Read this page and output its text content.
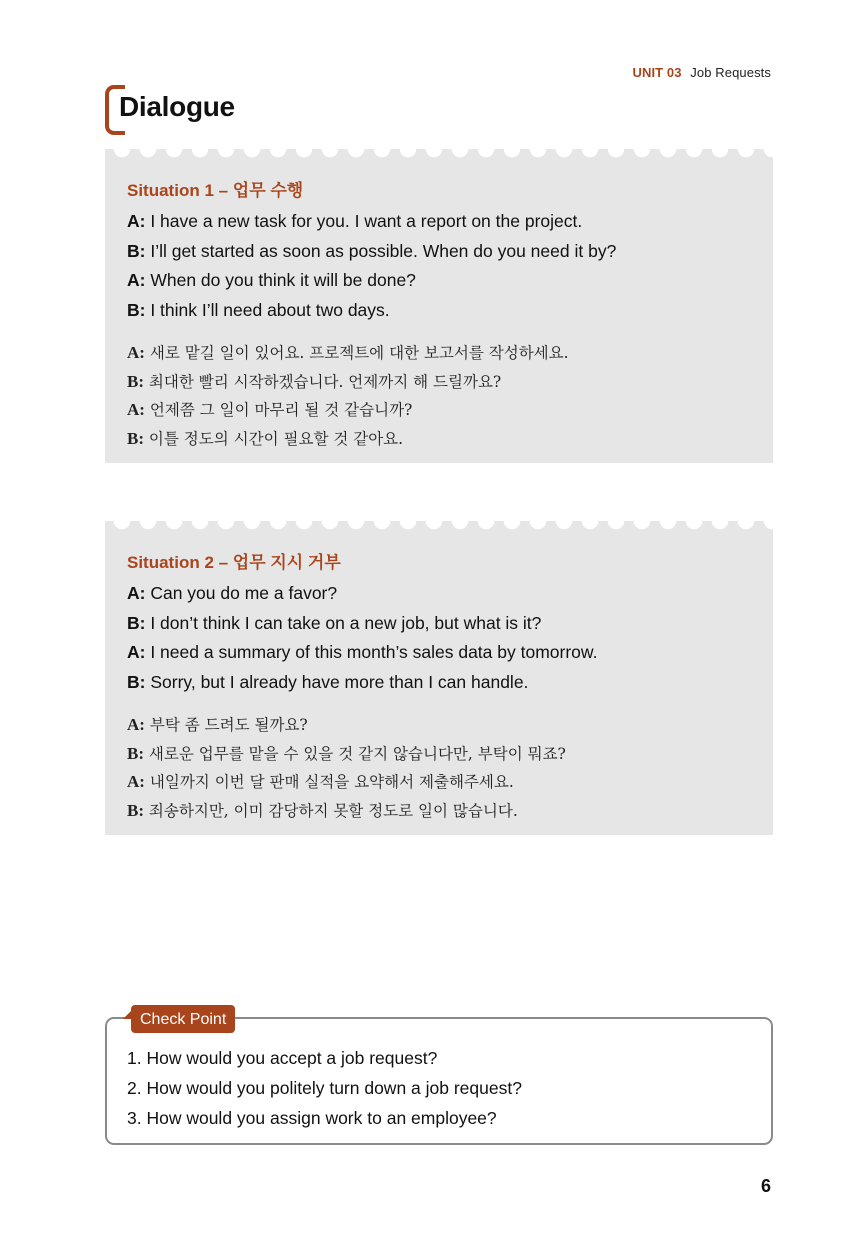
UNIT 03 Job Requests
Dialogue
Situation 1 – 업무 수행
A: I have a new task for you. I want a report on the project.
B: I’ll get started as soon as possible. When do you need it by?
A: When do you think it will be done?
B: I think I’ll need about two days.
A: 새로 맡길 일이 있어요. 프로젝트에 대한 보고서를 작성하세요.
B: 최대한 빨리 시작하겠습니다. 언제까지 해 드릴까요?
A: 언제쯤 그 일이 마무리 될 것 같습니까?
B: 이틀 정도의 시간이 필요할 것 같아요.
Situation 2 – 업무 지시 거부
A: Can you do me a favor?
B: I don’t think I can take on a new job, but what is it?
A: I need a summary of this month’s sales data by tomorrow.
B: Sorry, but I already have more than I can handle.
A: 부탁 좀 드려도 될까요?
B: 새로운 업무를 맡을 수 있을 것 같지 않습니다만, 부탁이 뭐죠?
A: 내일까지 이번 달 판매 실적을 요약해서 제출해주세요.
B: 죄송하지만, 이미 감당하지 못할 정도로 일이 많습니다.
1. How would you accept a job request?
2. How would you politely turn down a job request?
3. How would you assign work to an employee?
Check Point
6
